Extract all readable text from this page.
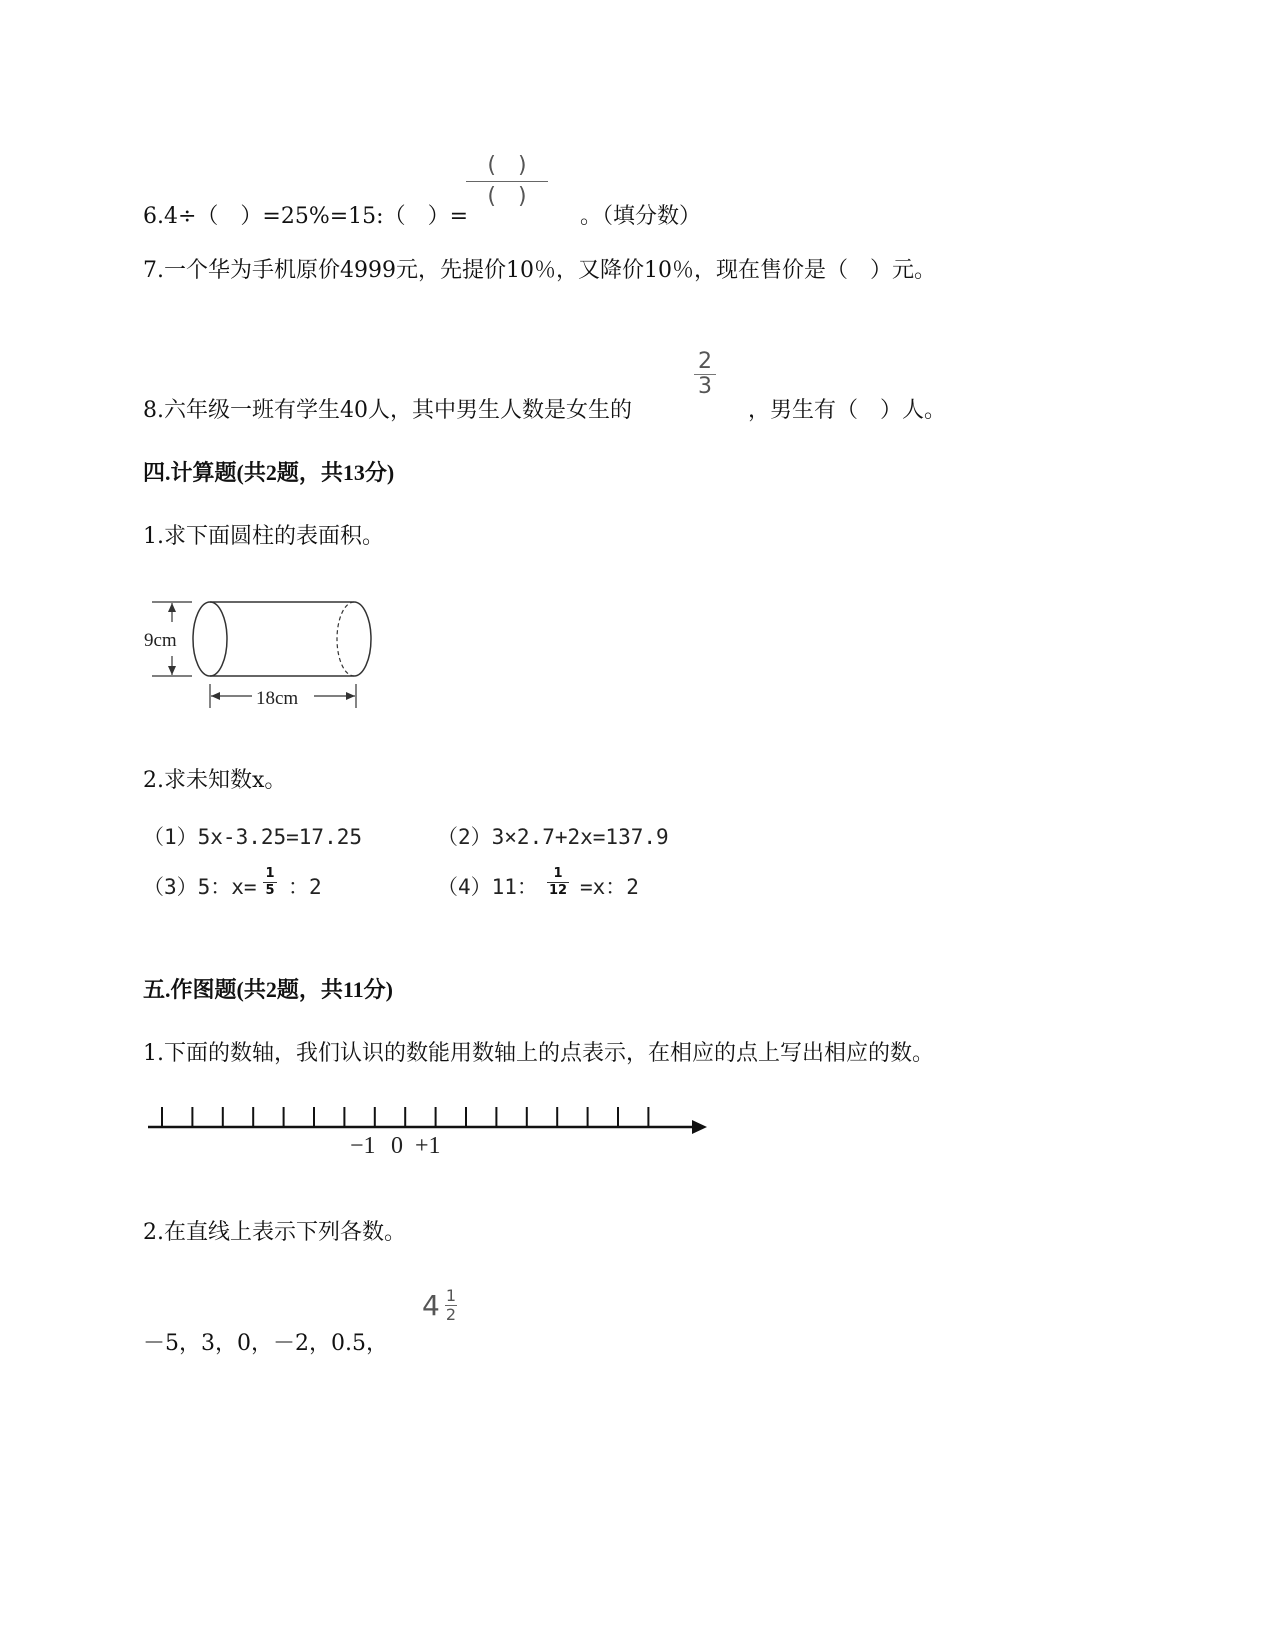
6.4÷（　）=25%=15:（　）=
(　)
(　)
。（填分数）
7.一个华为手机原价4999元，先提价10％，又降价10％，现在售价是（　）元。
8.六年级一班有学生40人，其中男生人数是女生的
2
3
，男生有（　）人。
四.计算题(共2题，共13分)
1.求下面圆柱的表面积。
9cm
18cm
2.求未知数x。
（1）5x-3.25=17.25	（2）3×2.7+2x=137.9
（3）5：x=
1
5 ：2	（4）11：
1
12 =x：2
五.作图题(共2题，共11分)
1.下面的数轴，我们认识的数能用数轴上的点表示，在相应的点上写出相应的数。
−1 0 +1
2.在直线上表示下列各数。
－5，3，0，－2，0.5，
$4 \frac{1}{2}$
